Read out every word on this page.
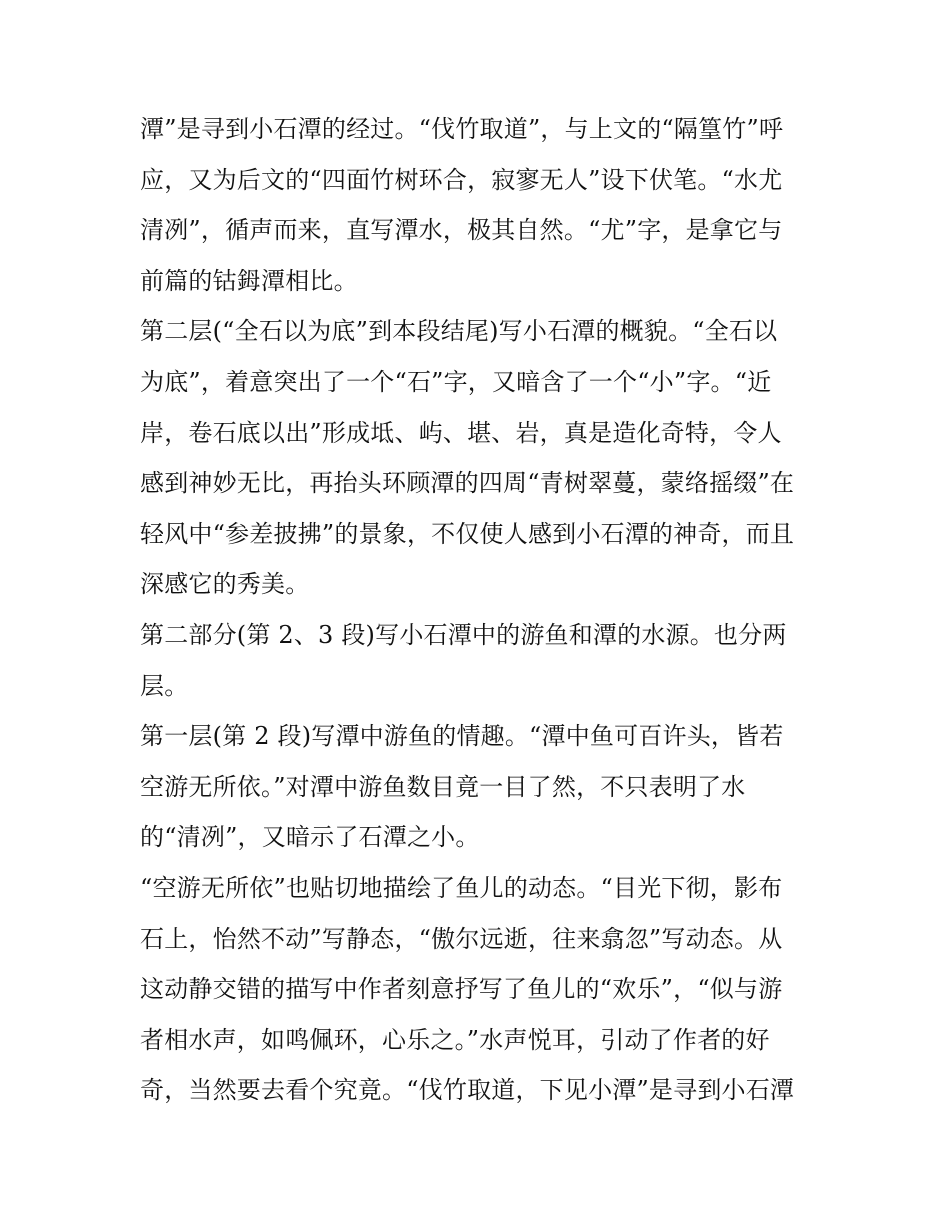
潭”是寻到小石潭的经过。“伐竹取道”，与上文的“隔篁竹”呼
应，又为后文的“四面竹树环合，寂寥无人”设下伏笔。“水尤
清冽”，循声而来，直写潭水，极其自然。“尤”字，是拿它与
前篇的钴鉧潭相比。
第二层(“全石以为底”到本段结尾)写小石潭的概貌。“全石以
为底”，着意突出了一个“石”字，又暗含了一个“小”字。“近
岸，卷石底以出”形成坻、屿、堪、岩，真是造化奇特，令人
感到神妙无比，再抬头环顾潭的四周“青树翠蔓，蒙络摇缀”在
轻风中“参差披拂”的景象，不仅使人感到小石潭的神奇，而且
深感它的秀美。
第二部分(第 2、3 段)写小石潭中的游鱼和潭的水源。也分两
层。
第一层(第 2 段)写潭中游鱼的情趣。“潭中鱼可百许头，皆若
空游无所依。”对潭中游鱼数目竟一目了然，不只表明了水
的“清冽”，又暗示了石潭之小。
“空游无所依”也贴切地描绘了鱼儿的动态。“目光下彻，影布
石上，怡然不动”写静态，“傲尔远逝，往来翕忽”写动态。从
这动静交错的描写中作者刻意抒写了鱼儿的“欢乐”，“似与游
者相水声，如鸣佩环，心乐之。”水声悦耳，引动了作者的好
奇，当然要去看个究竟。“伐竹取道，下见小潭”是寻到小石潭
